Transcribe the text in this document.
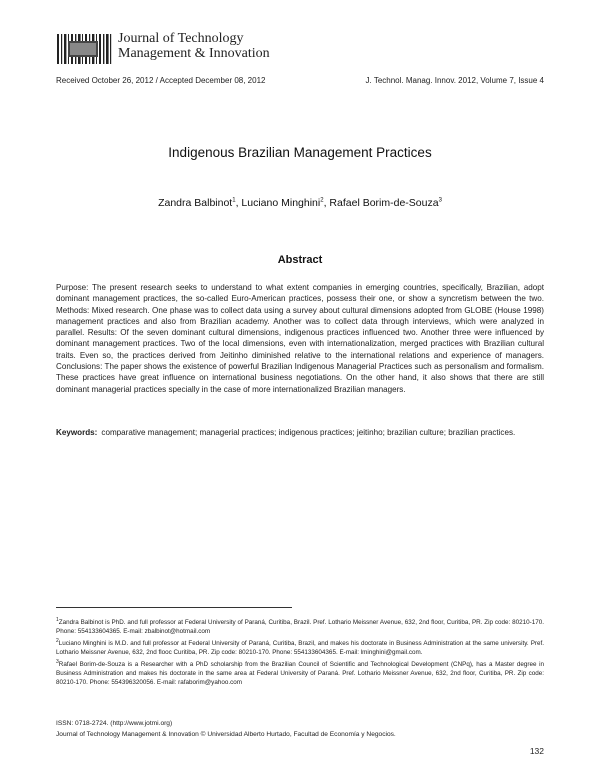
Journal of Technology
Management & Innovation
Received October 26, 2012 / Accepted December 08, 2012	J. Technol. Manag. Innov. 2012, Volume 7, Issue 4
Indigenous Brazilian Management Practices
Zandra Balbinot$^1$, Luciano Minghini$^2$, Rafael Borim-de-Souza$^3$
Abstract
Purpose: The present research seeks to understand to what extent companies in emerging countries, specifically, Brazilian, adopt dominant management practices, the so-called Euro-American practices, possess their one, or show a syncretism between the two. Methods: Mixed research. One phase was to collect data using a survey about cultural dimensions adopted from GLOBE (House 1998) management practices and also from Brazilian academy. Another was to collect data through interviews, which were analyzed in parallel. Results: Of the seven dominant cultural dimensions, indigenous practices influenced two. Another three were influenced by dominant management practices. Two of the local dimensions, even with internationalization, merged practices with Brazilian cultural traits. Even so, the practices derived from Jeitinho diminished relative to the international relations and experience of managers. Conclusions: The paper shows the existence of powerful Brazilian Indigenous Managerial Practices such as personalism and formalism. These practices have great influence on international business negotiations. On the other hand, it also shows that there are still dominant managerial practices specially in the case of more internationalized Brazilian managers.
Keywords: comparative management; managerial practices; indigenous practices; jeitinho; brazilian culture; brazilian practices.

$^1$Zandra Balbinot is PhD. and full professor at Federal University of Paraná, Curitiba, Brazil. Pref. Lothario Meissner Avenue, 632, 2nd floor, Curitiba, PR. Zip code: 80210-170. Phone: 554133604365. E-mail: zbalbinot@hotmail.com

$^2$Luciano Minghini is M.D. and full professor at Federal University of Paraná, Curitiba, Brazil, and makes his doctorate in Business Administration at the same university. Pref. Lothario Meissner Avenue, 632, 2nd flooc Curitiba, PR. Zip code: 80210-170. Phone: 554133604365. E-mail: lminghini@gmail.com.

$^3$Rafael Borim-de-Souza is a Researcher with a PhD scholarship from the Brazilian Council of Scientific and Technological Development (CNPq), has a Master degree in Business Administration and makes his doctorate in the same area at Federal University of Paraná. Pref. Lothario Meissner Avenue, 632, 2nd floor, Curitiba, PR. Zip code: 80210-170. Phone: 554396320056. E-mail: rafaborim@yahoo.com

ISSN: 0718-2724. (http://www.jotmi.org)
Journal of Technology Management & Innovation © Universidad Alberto Hurtado, Facultad de Economía y Negocios.
132
